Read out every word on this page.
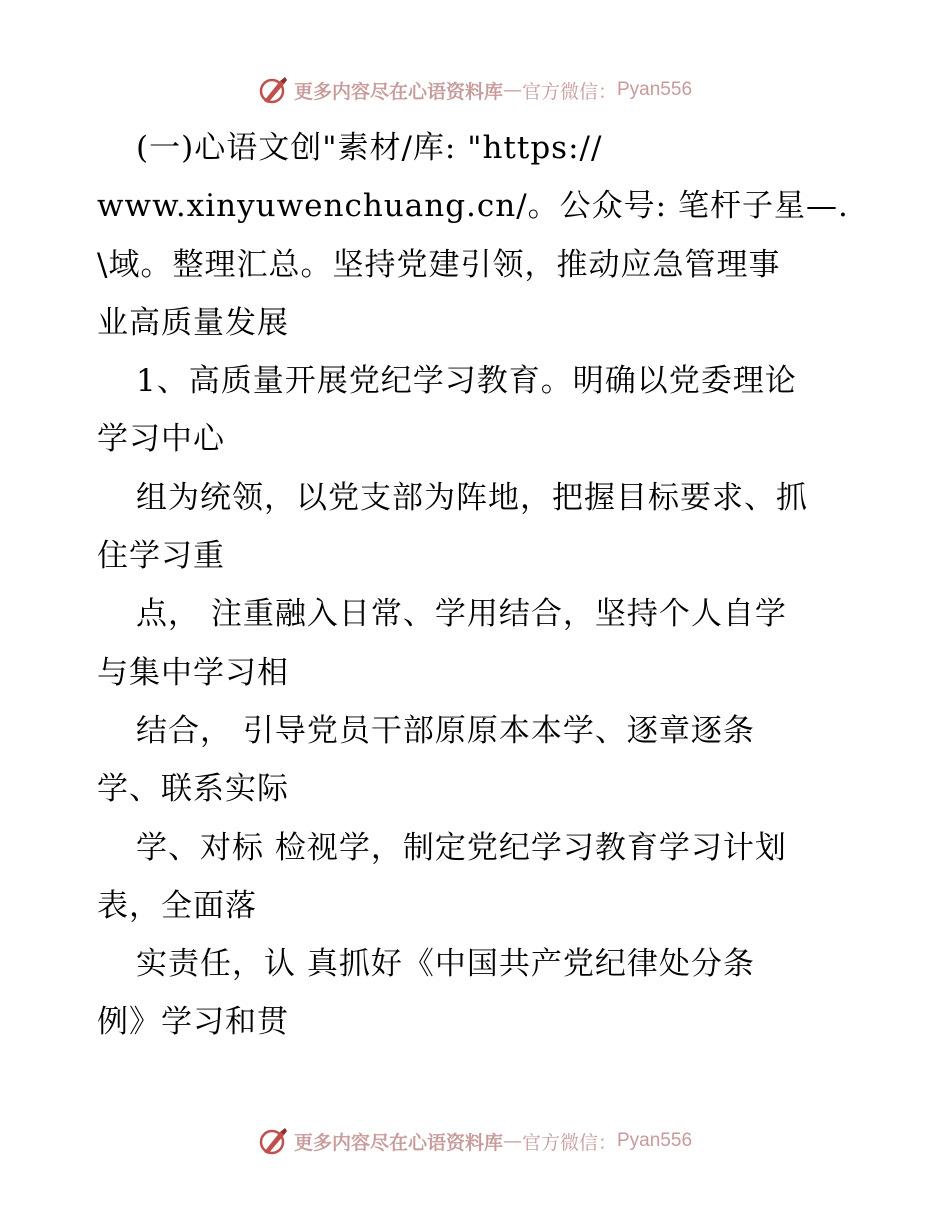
更多内容尽在心语资料库 — 官方微信： Pyan556
(一)心语文创"素材/库: "https://
www.xinyuwenchuang.cn/。公众号: 笔杆子星—.
\域。整理汇总。坚持党建引领，推动应急管理事
业高质量发展
1、高质量开展党纪学习教育。明确以党委理论
学习中心
组为统领，以党支部为阵地，把握目标要求、抓
住学习重
点， 注重融入日常、学用结合，坚持个人自学
与集中学习相
结合， 引导党员干部原原本本学、逐章逐条
学、联系实际
学、对标 检视学，制定党纪学习教育学习计划
表，全面落
实责任，认 真抓好《中国共产党纪律处分条
例》学习和贯
更多内容尽在心语资料库 — 官方微信： Pyan556
